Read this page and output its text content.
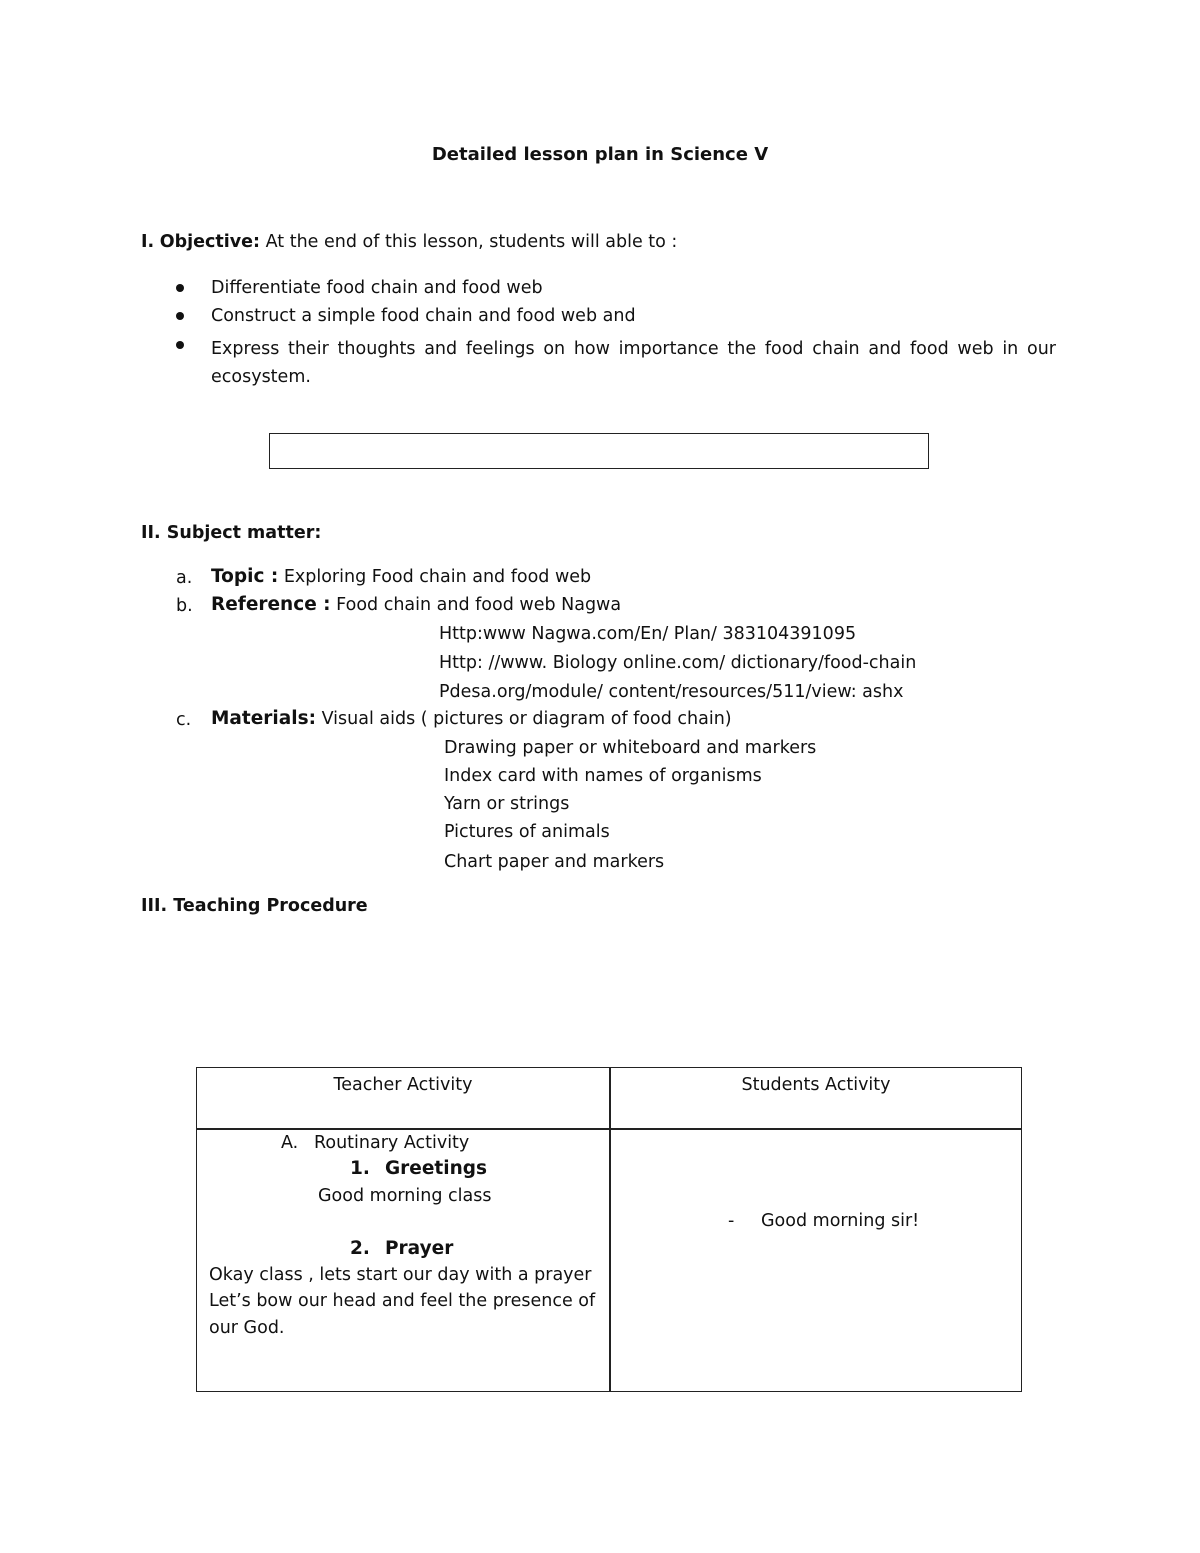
Detailed lesson plan in Science V
I. Objective: At the end of this lesson, students will able to :
Differentiate food chain and food web
Construct a simple food chain and food web and
Express their thoughts and feelings on how importance the food chain and food web in our ecosystem.
II. Subject matter:
a. Topic : Exploring Food chain and food web
b. Reference : Food chain and food web Nagwa
Http:www Nagwa.com/En/ Plan/ 383104391095
Http: //www. Biology online.com/ dictionary/food-chain
Pdesa.org/module/ content/resources/511/view: ashx
c. Materials: Visual aids ( pictures or diagram of food chain)
Drawing paper or whiteboard and markers
Index card with names of organisms
Yarn or strings
Pictures of animals
Chart paper and markers
III. Teaching Procedure
Teacher Activity	Students Activity
A. Routinary Activity
1. Greetings
Good morning class
2. Prayer
Okay class , lets start our day with a prayer
Let’s bow our head and feel the presence of
our God.
- Good morning sir!
